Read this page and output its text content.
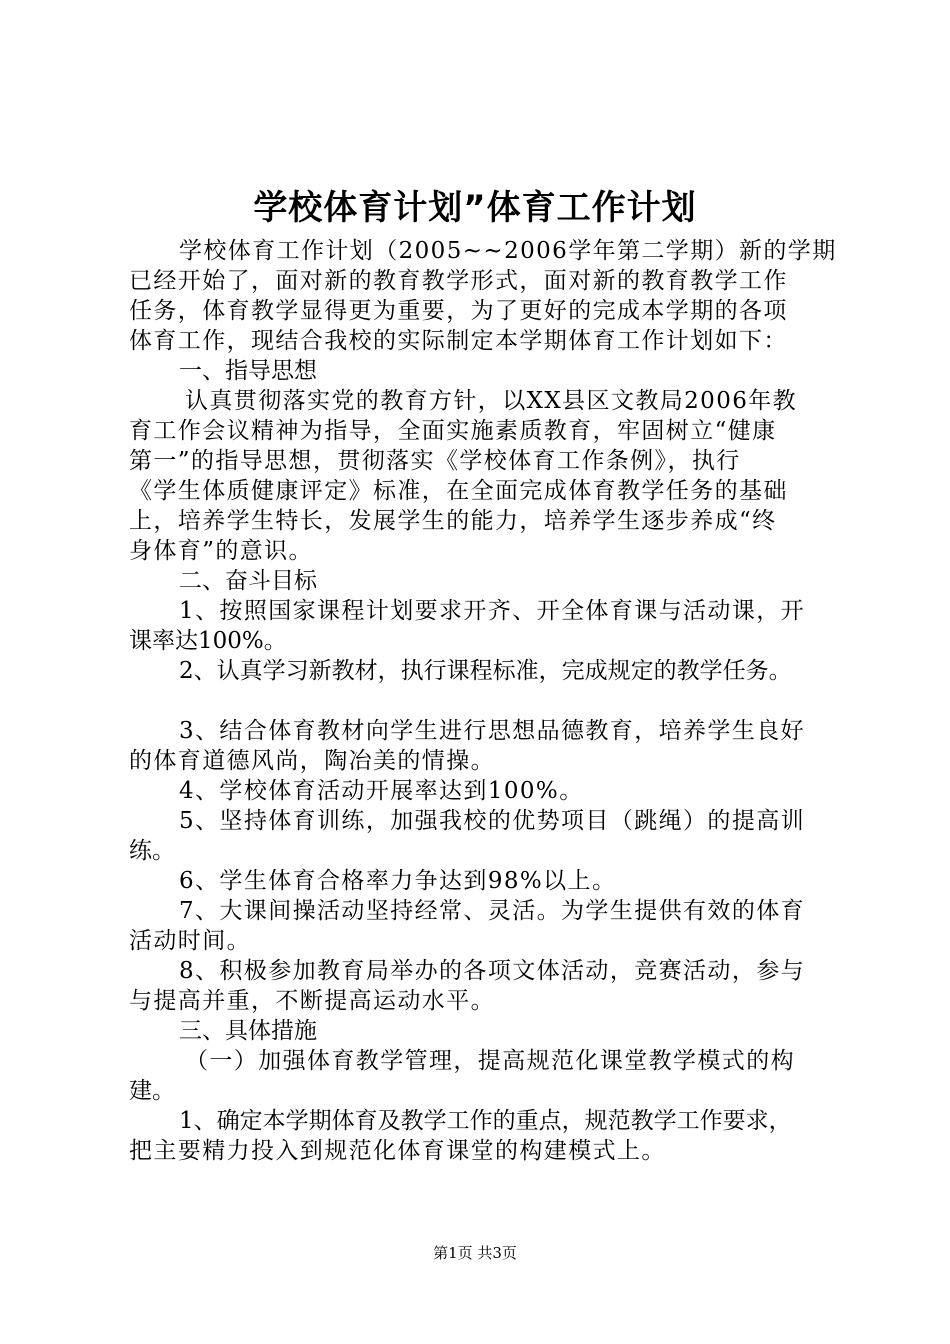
学校体育计划”体育工作计划
学校体育工作计划（2005~~2006学年第二学期）新的学期
已经开始了，面对新的教育教学形式，面对新的教育教学工作
任务，体育教学显得更为重要，为了更好的完成本学期的各项
体育工作，现结合我校的实际制定本学期体育工作计划如下：
一、指导思想
认真贯彻落实党的教育方针，以XX县区文教局2006年教
育工作会议精神为指导，全面实施素质教育，牢固树立“健康
第一”的指导思想，贯彻落实《学校体育工作条例》，执行
《学生体质健康评定》标准，在全面完成体育教学任务的基础
上，培养学生特长，发展学生的能力，培养学生逐步养成“终
身体育”的意识。
二、奋斗目标
1、按照国家课程计划要求开齐、开全体育课与活动课，开
课率达100%。
2、认真学习新教材，执行课程标准，完成规定的教学任务。
3、结合体育教材向学生进行思想品德教育，培养学生良好
的体育道德风尚，陶冶美的情操。
4、学校体育活动开展率达到100%。
5、坚持体育训练，加强我校的优势项目（跳绳）的提高训
练。
6、学生体育合格率力争达到98%以上。
7、大课间操活动坚持经常、灵活。为学生提供有效的体育
活动时间。
8、积极参加教育局举办的各项文体活动，竞赛活动，参与
与提高并重，不断提高运动水平。
三、具体措施
（一）加强体育教学管理，提高规范化课堂教学模式的构
建。
1、确定本学期体育及教学工作的重点，规范教学工作要求，
把主要精力投入到规范化体育课堂的构建模式上。
第1页 共3页
